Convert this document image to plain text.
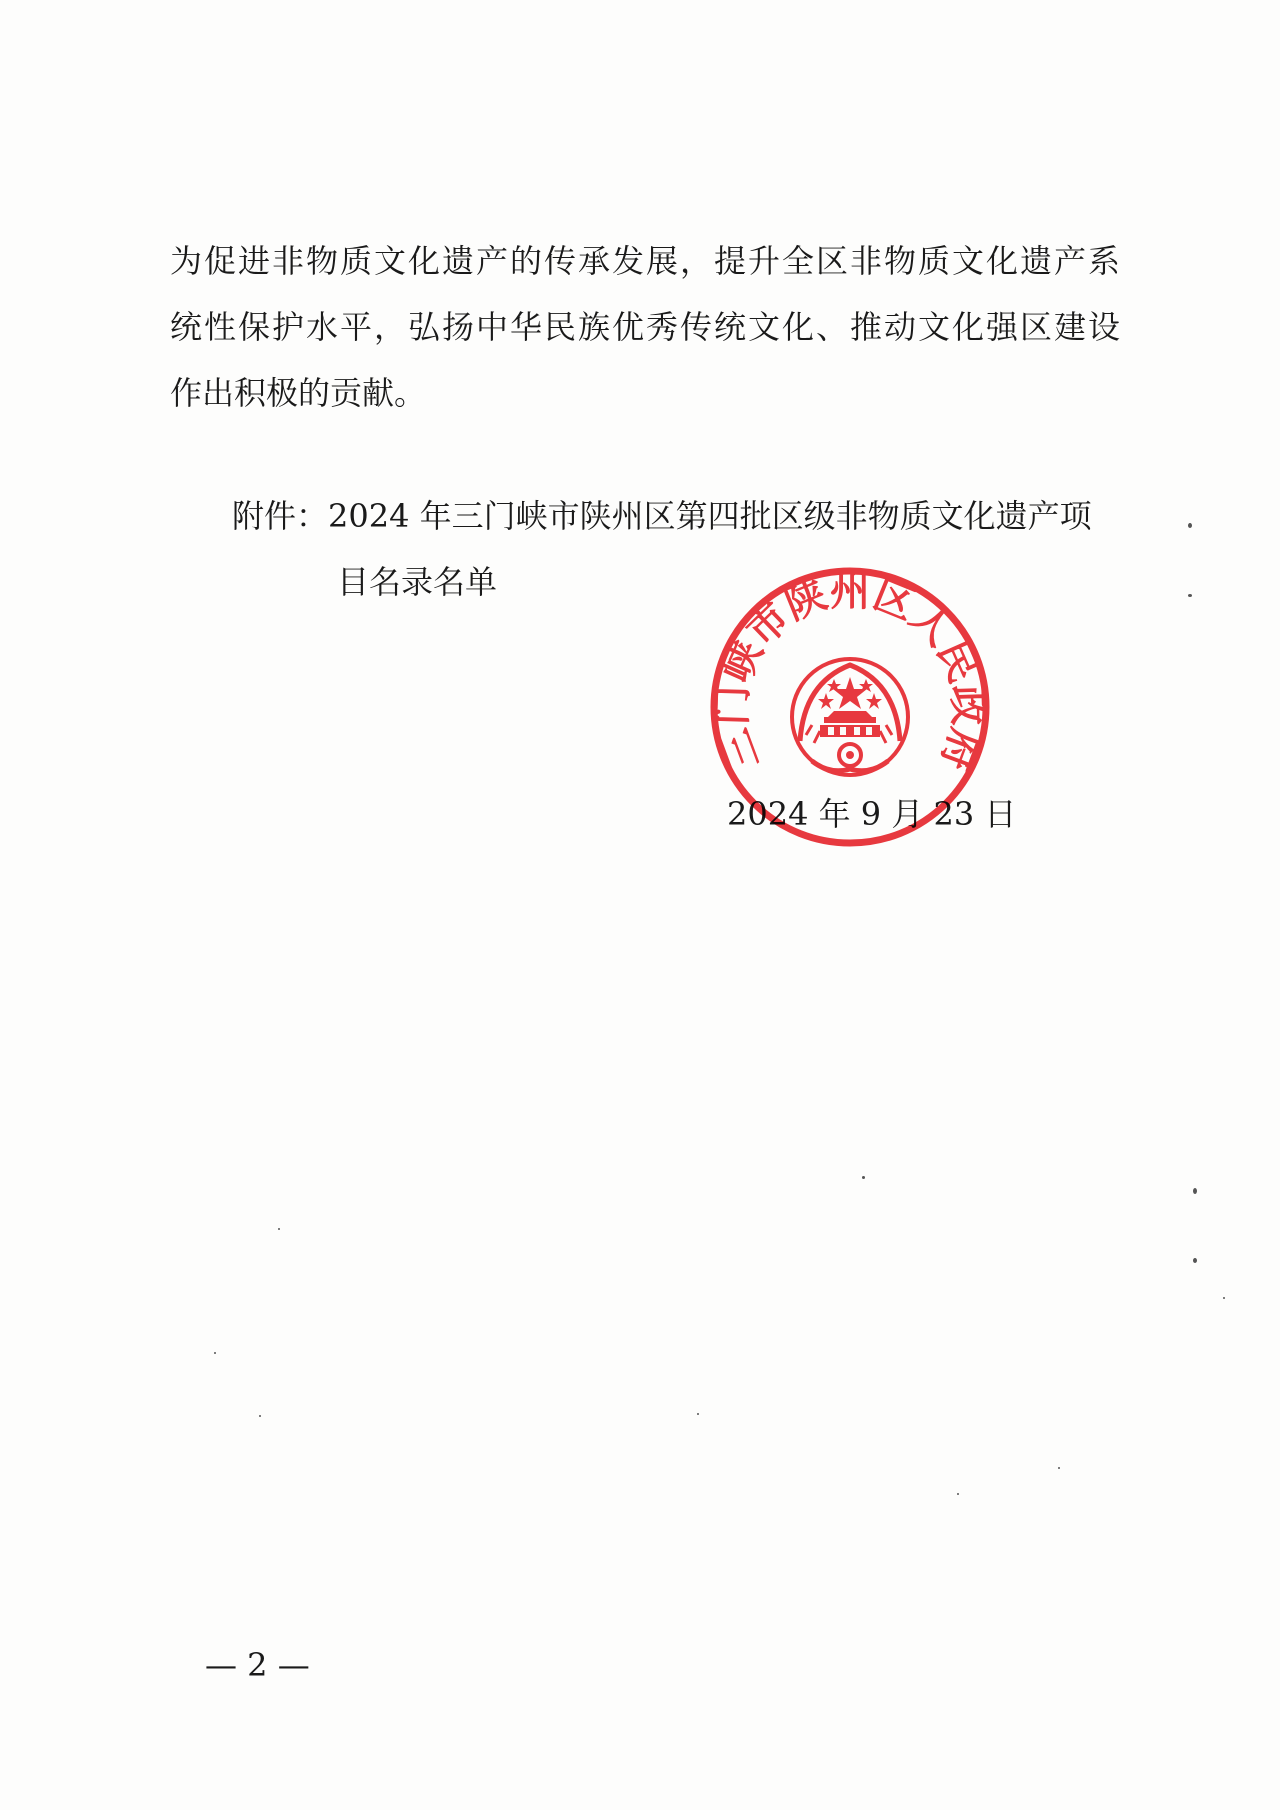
为促进非物质文化遗产的传承发展，提升全区非物质文化遗产系
统性保护水平，弘扬中华民族优秀传统文化、推动文化强区建设
作出积极的贡献。
附件：2024 年三门峡市陕州区第四批区级非物质文化遗产项
目名录名单
2024 年 9 月 23 日
三门峡市陕州区人民政府
— 2 —
